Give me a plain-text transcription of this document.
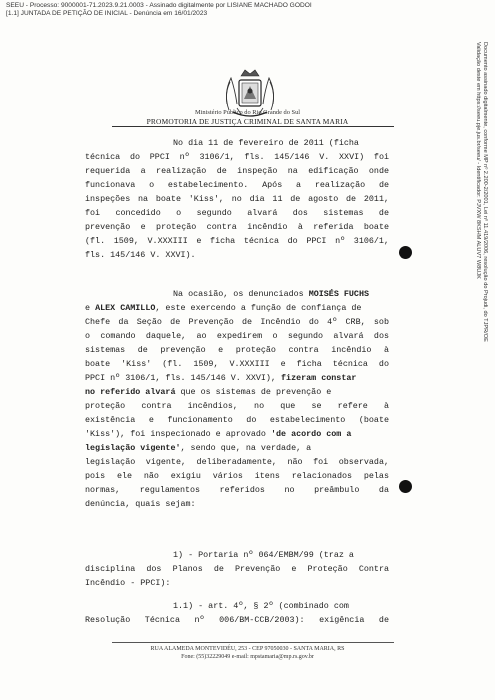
SEEU - Processo: 9000001-71.2023.9.21.0003 - Assinado digitalmente por LISIANE MACHADO GODOI
[1.1] JUNTADA DE PETIÇÃO DE INICIAL - Denúncia em 16/01/2023
Documento assinado digitalmente, conforme MP nº 2.200-2/2001, Lei nº 11.419/2006, resolução do Projudi, do TJPR/OE
Validação deste em https://seeu.pje.jus.br/seeu/ - Identificador: PJVXW 8KSHM ALUV7 W8UJK
Ministério Público do Rio Grande do Sul
PROMOTORIA DE JUSTIÇA CRIMINAL DE SANTA MARIA
No dia 11 de fevereiro de 2011 (ficha
técnica do PPCI nº 3106/1, fls. 145/146 V. XXVI) foi
requerida a realização de inspeção na edificação onde
funcionava o estabelecimento. Após a realização de
inspeções na boate 'Kiss', no dia 11 de agosto de 2011,
foi concedido o segundo alvará dos sistemas de
prevenção e proteção contra incêndio à referida boate
(fl. 1509, V.XXXIII e ficha técnica do PPCI nº 3106/1,
fls. 145/146 V. XXVI).
Na ocasião, os denunciados MOISÉS FUCHS
e ALEX CAMILLO, este exercendo a função de confiança de
Chefe da Seção de Prevenção de Incêndio do 4º CRB, sob
o comando daquele, ao expedirem o segundo alvará dos
sistemas de prevenção e proteção contra incêndio à
boate 'Kiss' (fl. 1509, V.XXXIII e ficha técnica do
PPCI nº 3106/1, fls. 145/146 V. XXVI), fizeram constar
no referido alvará que os sistemas de prevenção e
proteção contra incêndios, no que se refere à
existência e funcionamento do estabelecimento (boate
'Kiss'), foi inspecionado e aprovado 'de acordo com a
legislação vigente', sendo que, na verdade, a
legislação vigente, deliberadamente, não foi observada,
pois ele não exigiu vários itens relacionados pelas
normas, regulamentos referidos no preâmbulo da
denúncia, quais sejam:
1) - Portaria nº 064/EMBM/99 (traz a
disciplina dos Planos de Prevenção e Proteção Contra
Incêndio - PPCI):
1.1) - art. 4º, § 2º (combinado com
Resolução Técnica nº 006/BM-CCB/2003): exigência de
RUA ALAMEDA MONTEVIDÉU, 253 - CEP 97050030 - SANTA MARIA, RS
Fone: (55)32229049 e-mail: mpstamaria@mp.rs.gov.br
